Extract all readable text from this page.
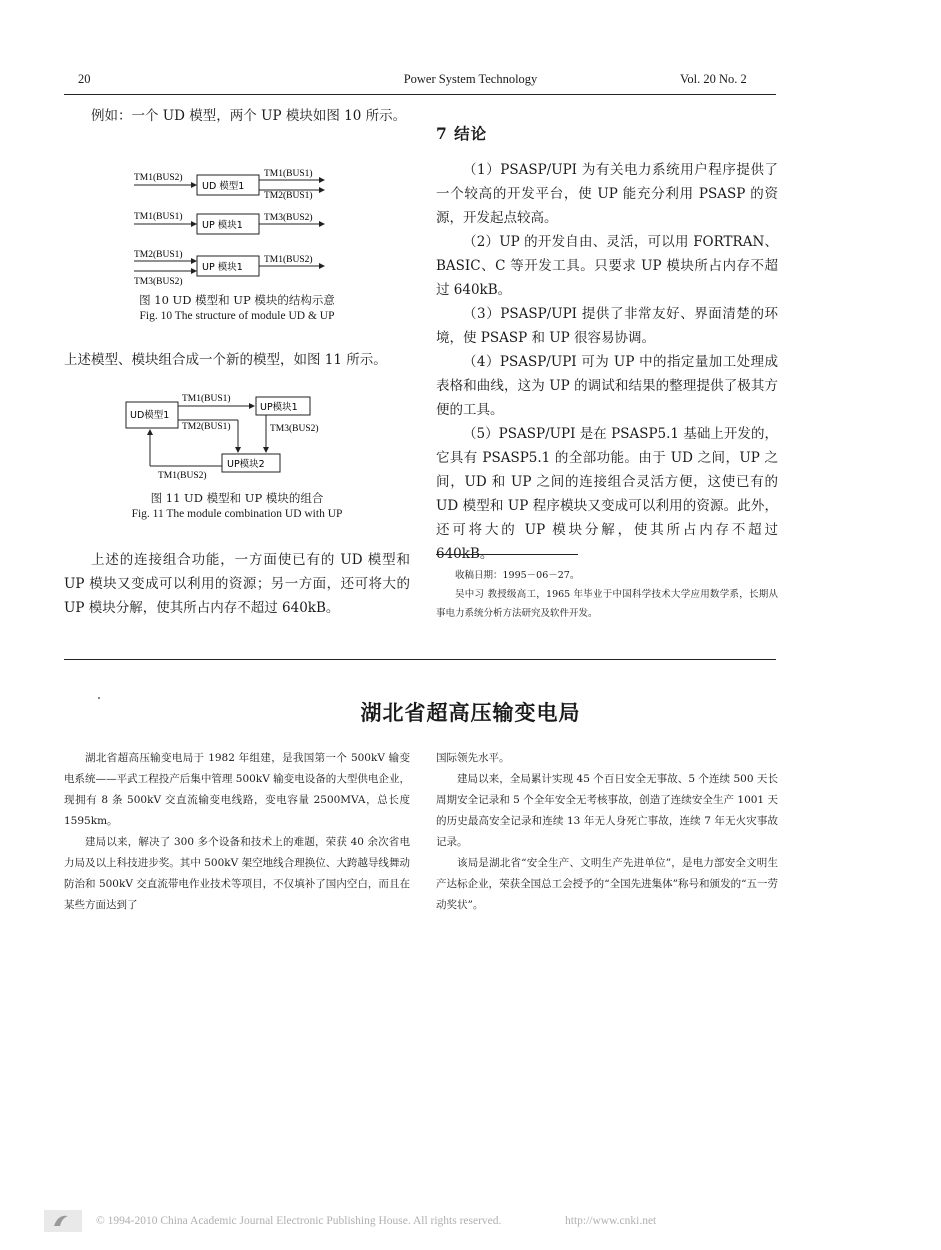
20	Power System Technology	Vol. 20 No. 2

例如：一个 UD 模型，两个 UP 模块如图 10 所示。

TM1(BUS2)
UD 模型1
TM1(BUS1)
TM2(BUS1)
TM1(BUS1)
UP 模块1
TM3(BUS2)
TM2(BUS1)
UP 模块1
TM3(BUS2)
TM1(BUS2)
图 10 UD 模型和 UP 模块的结构示意
Fig. 10 The structure of module UD & UP

上述模型、模块组合成一个新的模型，如图 11 所示。

UD模型1
TM1(BUS1)
UP模块1
TM2(BUS1)	TM3(BUS2)
UP模块2
TM1(BUS2)
图 11 UD 模型和 UP 模块的组合
Fig. 11 The module combination UD with UP

上述的连接组合功能，一方面使已有的 UD 模型和 UP 模块又变成可以利用的资源；另一方面，还可将大的 UP 模块分解，使其所占内存不超过 640kB。

7 结论

（1）PSASP/UPI 为有关电力系统用户程序提供了一个较高的开发平台，使 UP 能充分利用 PSASP 的资源，开发起点较高。

（2）UP 的开发自由、灵活，可以用 FORTRAN、BASIC、C 等开发工具。只要求 UP 模块所占内存不超过 640kB。

（3）PSASP/UPI 提供了非常友好、界面清楚的环境，使 PSASP 和 UP 很容易协调。

（4）PSASP/UPI 可为 UP 中的指定量加工处理成表格和曲线，这为 UP 的调试和结果的整理提供了极其方便的工具。

（5）PSASP/UPI 是在 PSASP5.1 基础上开发的，它具有 PSASP5.1 的全部功能。由于 UD 之间，UP 之间，UD 和 UP 之间的连接组合灵活方便，这使已有的 UD 模型和 UP 程序模块又变成可以利用的资源。此外，还可将大的 UP 模块分解，使其所占内存不超过 640kB。

收稿日期：1995－06－27。
吴中习 教授级高工，1965 年毕业于中国科学技术大学应用数学系，长期从事电力系统分析方法研究及软件开发。
湖北省超高压输变电局

湖北省超高压输变电局于 1982 年组建，是我国第一个 500kV 输变电系统——平武工程投产后集中管理 500kV 输变电设备的大型供电企业，现拥有 8 条 500kV 交直流输变电线路，变电容量 2500MVA，总长度 1595km。

建局以来，解决了 300 多个设备和技术上的难题，荣获 40 余次省电力局及以上科技进步奖。其中 500kV 架空地线合理换位、大跨越导线舞动防治和 500kV 交直流带电作业技术等项目，不仅填补了国内空白，而且在某些方面达到了

国际领先水平。

建局以来，全局累计实现 45 个百日安全无事故、5 个连续 500 天长周期安全记录和 5 个全年安全无考核事故，创造了连续安全生产 1001 天的历史最高安全记录和连续 13 年无人身死亡事故，连续 7 年无火灾事故记录。

该局是湖北省“安全生产、文明生产先进单位”，是电力部安全文明生产达标企业，荣获全国总工会授予的“全国先进集体”称号和颁发的“五一劳动奖状”。

© 1994-2010 China Academic Journal Electronic Publishing House. All rights reserved.	http://www.cnki.net
